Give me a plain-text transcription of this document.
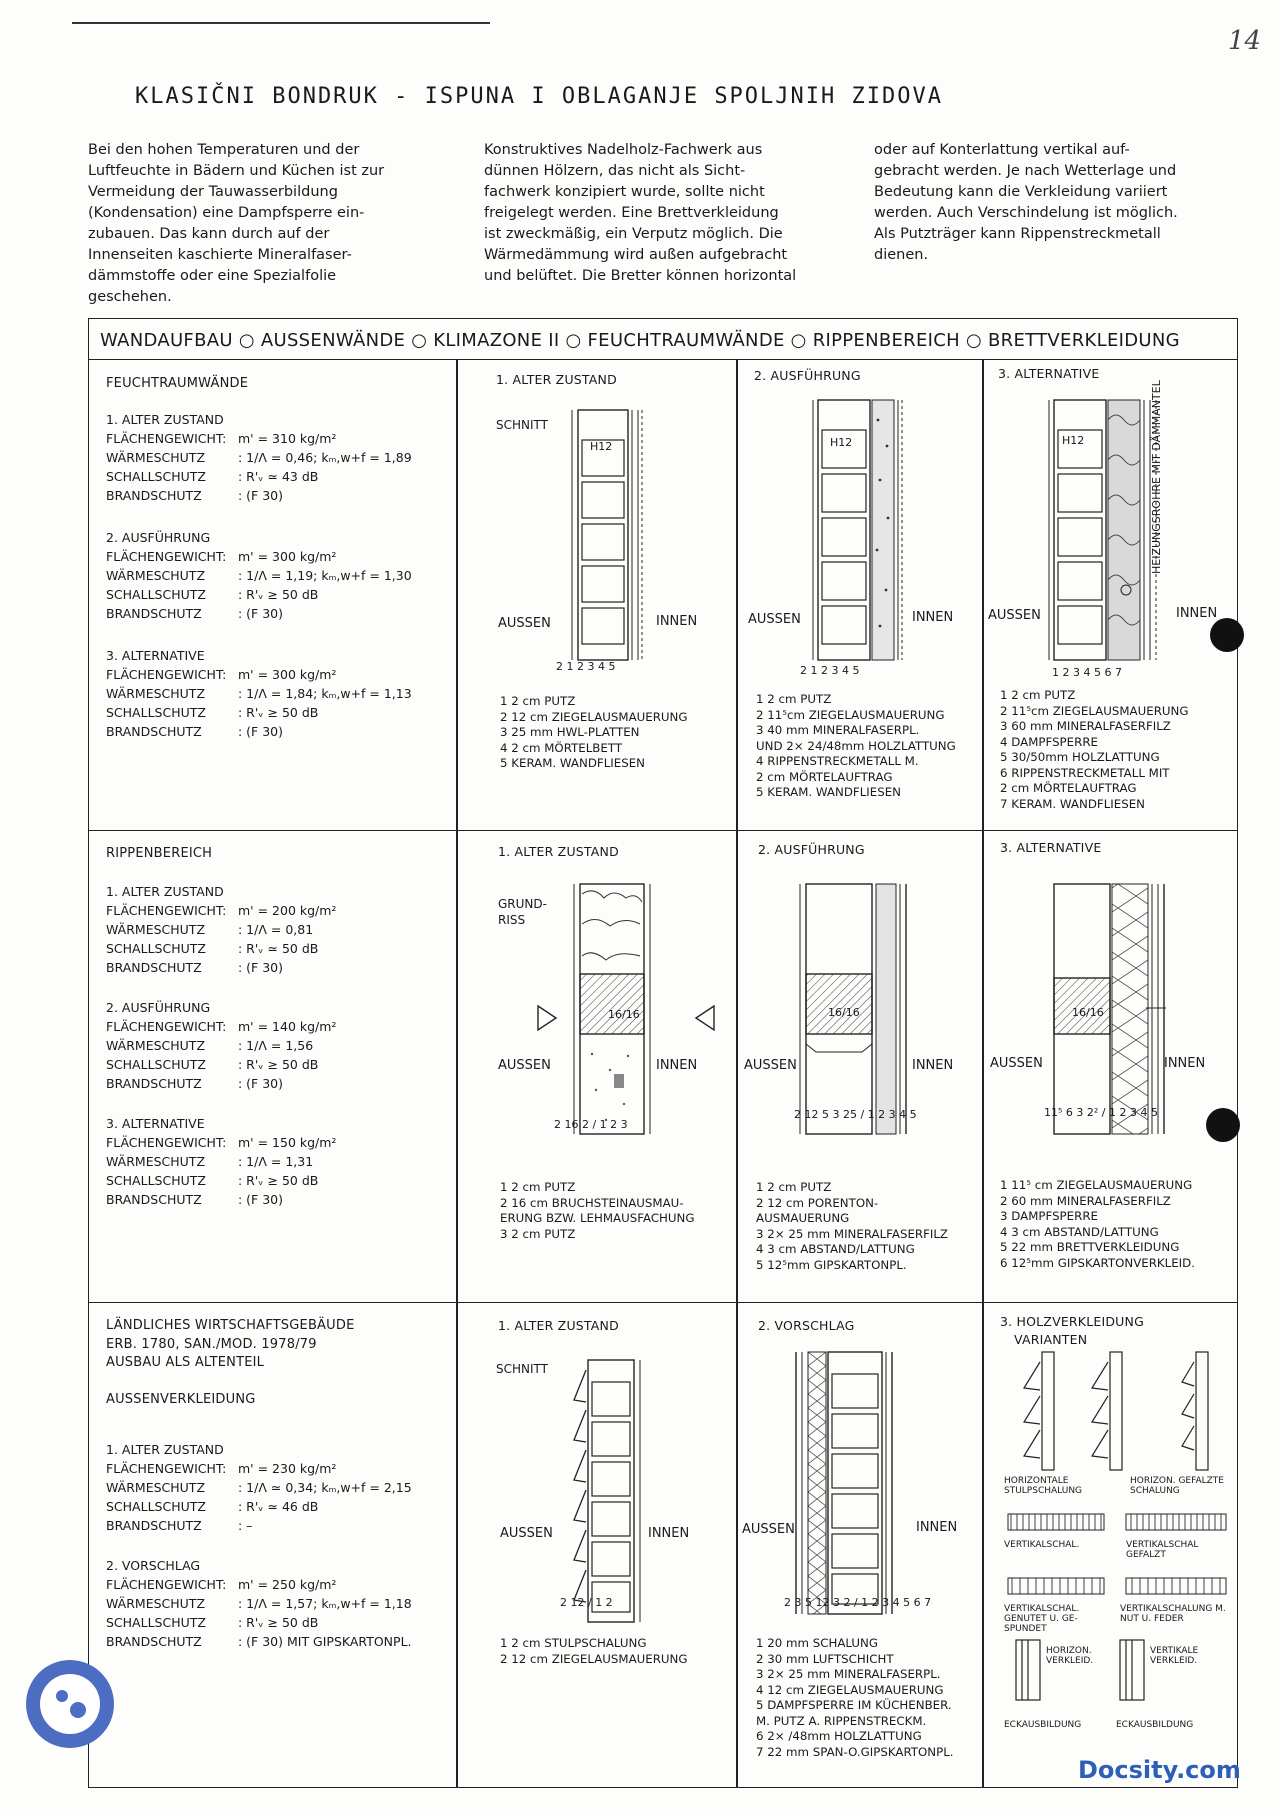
14
KLASIČNI BONDRUK - ISPUNA I OBLAGANJE SPOLJNIH ZIDOVA
Bei den hohen Temperaturen und der
Luftfeuchte in Bädern und Küchen ist zur
Vermeidung der Tauwasserbildung
(Kondensation) eine Dampfsperre ein-
zubauen. Das kann durch auf der
Innenseiten kaschierte Mineralfaser-
dämmstoffe oder eine Spezialfolie
geschehen.
Konstruktives Nadelholz-Fachwerk aus
dünnen Hölzern, das nicht als Sicht-
fachwerk konzipiert wurde, sollte nicht
freigelegt werden. Eine Brettverkleidung
ist zweckmäßig, ein Verputz möglich. Die
Wärmedämmung wird außen aufgebracht
und belüftet. Die Bretter können horizontal
oder auf Konterlattung vertikal auf-
gebracht werden. Je nach Wetterlage und
Bedeutung kann die Verkleidung variiert
werden. Auch Verschindelung ist möglich.
Als Putzträger kann Rippenstreckmetall
dienen.
WANDAUFBAU ○ AUSSENWÄNDE ○ KLIMAZONE II ○ FEUCHTRAUMWÄNDE ○ RIPPENBEREICH ○ BRETTVERKLEIDUNG
FEUCHTRAUMWÄNDE
1. ALTER ZUSTAND
FLÄCHENGEWICHT: m' = 310 kg/m²
WÄRMESCHUTZ	: 1/Λ = 0,46; kₘ,w+f = 1,89
SCHALLSCHUTZ	: R'ᵥ ≃ 43 dB
BRANDSCHUTZ	: (F 30)
2. AUSFÜHRUNG
FLÄCHENGEWICHT: m' = 300 kg/m²
WÄRMESCHUTZ	: 1/Λ = 1,19; kₘ,w+f = 1,30
SCHALLSCHUTZ	: R'ᵥ ≥ 50 dB
BRANDSCHUTZ	: (F 30)
3. ALTERNATIVE
FLÄCHENGEWICHT: m' = 300 kg/m²
WÄRMESCHUTZ	: 1/Λ = 1,84; kₘ,w+f = 1,13
SCHALLSCHUTZ	: R'ᵥ ≥ 50 dB
BRANDSCHUTZ	: (F 30)
1. ALTER ZUSTAND
SCHNITT
H12
AUSSEN	INNEN
2 1 2 3 4 5
1 2 cm PUTZ
2 12 cm ZIEGELAUSMAUERUNG
3 25 mm HWL-PLATTEN
4 2 cm MÖRTELBETT
5 KERAM. WANDFLIESEN
2. AUSFÜHRUNG
H12
AUSSEN	INNEN
2 1 2 3 4 5
1 2 cm PUTZ
2 11⁵cm ZIEGELAUSMAUERUNG
3 40 mm MINERALFASERPL.
UND 2× 24/48mm HOLZLATTUNG
4 RIPPENSTRECKMETALL M.
2 cm MÖRTELAUFTRAG
5 KERAM. WANDFLIESEN
3. ALTERNATIVE
H12	HEIZUNGSROHRE MIT DÄMMANTEL
AUSSEN	INNEN
1 2 3 4 5 6 7
1 2 cm PUTZ
2 11⁵cm ZIEGELAUSMAUERUNG
3 60 mm MINERALFASERFILZ
4 DAMPFSPERRE
5 30/50mm HOLZLATTUNG
6 RIPPENSTRECKMETALL MIT
2 cm MÖRTELAUFTRAG
7 KERAM. WANDFLIESEN
RIPPENBEREICH
1. ALTER ZUSTAND
FLÄCHENGEWICHT: m' = 200 kg/m²
WÄRMESCHUTZ	: 1/Λ = 0,81
SCHALLSCHUTZ	: R'ᵥ ≃ 50 dB
BRANDSCHUTZ	: (F 30)
2. AUSFÜHRUNG
FLÄCHENGEWICHT: m' = 140 kg/m²
WÄRMESCHUTZ	: 1/Λ = 1,56
SCHALLSCHUTZ	: R'ᵥ ≥ 50 dB
BRANDSCHUTZ	: (F 30)
3. ALTERNATIVE
FLÄCHENGEWICHT: m' = 150 kg/m²
WÄRMESCHUTZ	: 1/Λ = 1,31
SCHALLSCHUTZ	: R'ᵥ ≥ 50 dB
BRANDSCHUTZ	: (F 30)
1. ALTER ZUSTAND
GRUND-
RISS
16/16
AUSSEN	INNEN
2 16 2 / 1 2 3
1 2 cm PUTZ
2 16 cm BRUCHSTEINAUSMAU-
ERUNG BZW. LEHMAUSFACHUNG
3 2 cm PUTZ
2. AUSFÜHRUNG
16/16
AUSSEN	INNEN
2 12 5 3 25 / 1 2 3 4 5
1 2 cm PUTZ
2 12 cm PORENTON-
AUSMAUERUNG
3 2× 25 mm MINERALFASERFILZ
4 3 cm ABSTAND/LATTUNG
5 12⁵mm GIPSKARTONPL.
3. ALTERNATIVE
16/16
AUSSEN	INNEN
11⁵ 6 3 2² / 1 2 3 4 5
1 11⁵ cm ZIEGELAUSMAUERUNG
2 60 mm MINERALFASERFILZ
3 DAMPFSPERRE
4 3 cm ABSTAND/LATTUNG
5 22 mm BRETTVERKLEIDUNG
6 12⁵mm GIPSKARTONVERKLEID.
LÄNDLICHES WIRTSCHAFTSGEBÄUDE
ERB. 1780, SAN./MOD. 1978/79
AUSBAU ALS ALTENTEIL
AUSSENVERKLEIDUNG
1. ALTER ZUSTAND
FLÄCHENGEWICHT: m' = 230 kg/m²
WÄRMESCHUTZ	: 1/Λ ≃ 0,34; kₘ,w+f = 2,15
SCHALLSCHUTZ	: R'ᵥ ≃ 46 dB
BRANDSCHUTZ	: –
2. VORSCHLAG
FLÄCHENGEWICHT: m' = 250 kg/m²
WÄRMESCHUTZ	: 1/Λ = 1,57; kₘ,w+f = 1,18
SCHALLSCHUTZ	: R'ᵥ ≥ 50 dB
BRANDSCHUTZ	: (F 30) MIT GIPSKARTONPL.
1. ALTER ZUSTAND
SCHNITT
AUSSEN	INNEN
2 12 / 1 2
1 2 cm STULPSCHALUNG
2 12 cm ZIEGELAUSMAUERUNG
2. VORSCHLAG
AUSSEN	INNEN
2 3 5 12 3 2 / 1 2 3 4 5 6 7
1 20 mm SCHALUNG
2 30 mm LUFTSCHICHT
3 2× 25 mm MINERALFASERPL.
4 12 cm ZIEGELAUSMAUERUNG
5 DAMPFSPERRE IM KÜCHENBER.
M. PUTZ A. RIPPENSTRECKM.
6 2× /48mm HOLZLATTUNG
7 22 mm SPAN-O.GIPSKARTONPL.
3. HOLZVERKLEIDUNG
VARIANTEN
HORIZONTALE STULPSCHALUNG
HORIZON. GEFALZTE SCHALUNG
VERTIKALSCHAL.	VERTIKALSCHAL GEFALZT
VERTIKALSCHAL. GENUTET U. GE-SPUNDET
VERTIKALSCHALUNG M. NUT U. FEDER
HORIZON. VERKLEID.
VERTIKALE VERKLEID.
ECKAUSBILDUNG	ECKAUSBILDUNG
Docsity.com
